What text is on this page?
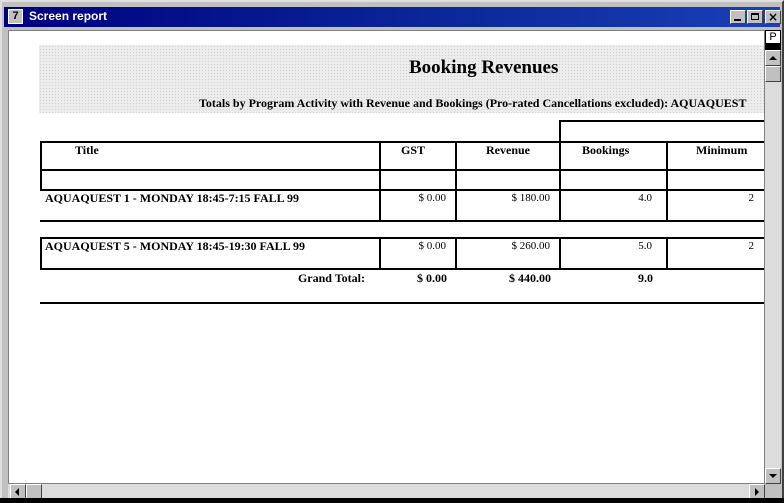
7 Screen report	×
Booking Revenues
Totals by Program Activity with Revenue and Bookings (Pro-rated Cancellations excluded): AQUAQUEST
Title	GST	Revenue	Bookings	Minimum
AQUAQUEST 1 - MONDAY 18:45-7:15 FALL 99	$ 0.00	$ 180.00	4.0	2
AQUAQUEST 5 - MONDAY 18:45-19:30 FALL 99	$ 0.00	$ 260.00	5.0	2
Grand Total:	$ 0.00	$ 440.00	9.0
P
